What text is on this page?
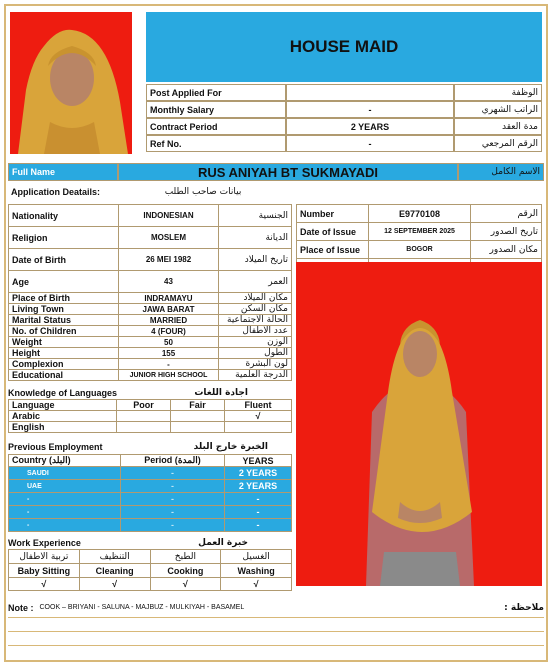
HOUSE MAID
Post Applied For	الوظفة
Monthly Salary	-	الراتب الشهري
Contract Period	2 YEARS	مدة العقد
Ref No.	-	الرقم المرجعي
Full Name	RUS ANIYAH BT SUKMAYADI	الاسم الكامل
Application Deatails:	بيانات صاحب الطلب
Nationality	INDONESIAN	الجنسية
Religion	MOSLEM	الديانة
Date of Birth	26 MEI 1982	تاريخ الميلاد
Age	43	العمر
Place of Birth	INDRAMAYU	مكان الميلاد
Living Town	JAWA BARAT	مكان السكن
Marital Status	MARRIED	الحالة الاجتماعية
No. of Children	4 (FOUR)	عدد الأطفال
Weight	50	الوزن
Height	155	الطول
Complexion	-	لون البشرة
Educational	JUNIOR HIGH SCHOOL	الدرجة العلمية
Number	E9770108	الرقم
Date of Issue	12 SEPTEMBER 2025	تاريخ الصدور
Place of Issue	BOGOR	مكان الصدور

Knowledge of Languages	اجادة اللغات
Language	Poor	Fair	Fluent
Arabic			√
English			
Previous Employment	الخبرة خارج البلد
Country (البلد)	Period (المدة)	YEARS
SAUDI	-	2 YEARS
UAE	-	2 YEARS
-	-	-
-	-	-
-	-	-
Work Experience	خبرة العمل
تربية الاطفال	التنظيف	الطبخ	الغسيل
Baby Sitting	Cleaning	Cooking	Washing
√	√	√	√
Note : COOK – BRIYANI - SALUNA - MAJBUZ - MULKIYAH - BASAMEL	ملاحظة :
